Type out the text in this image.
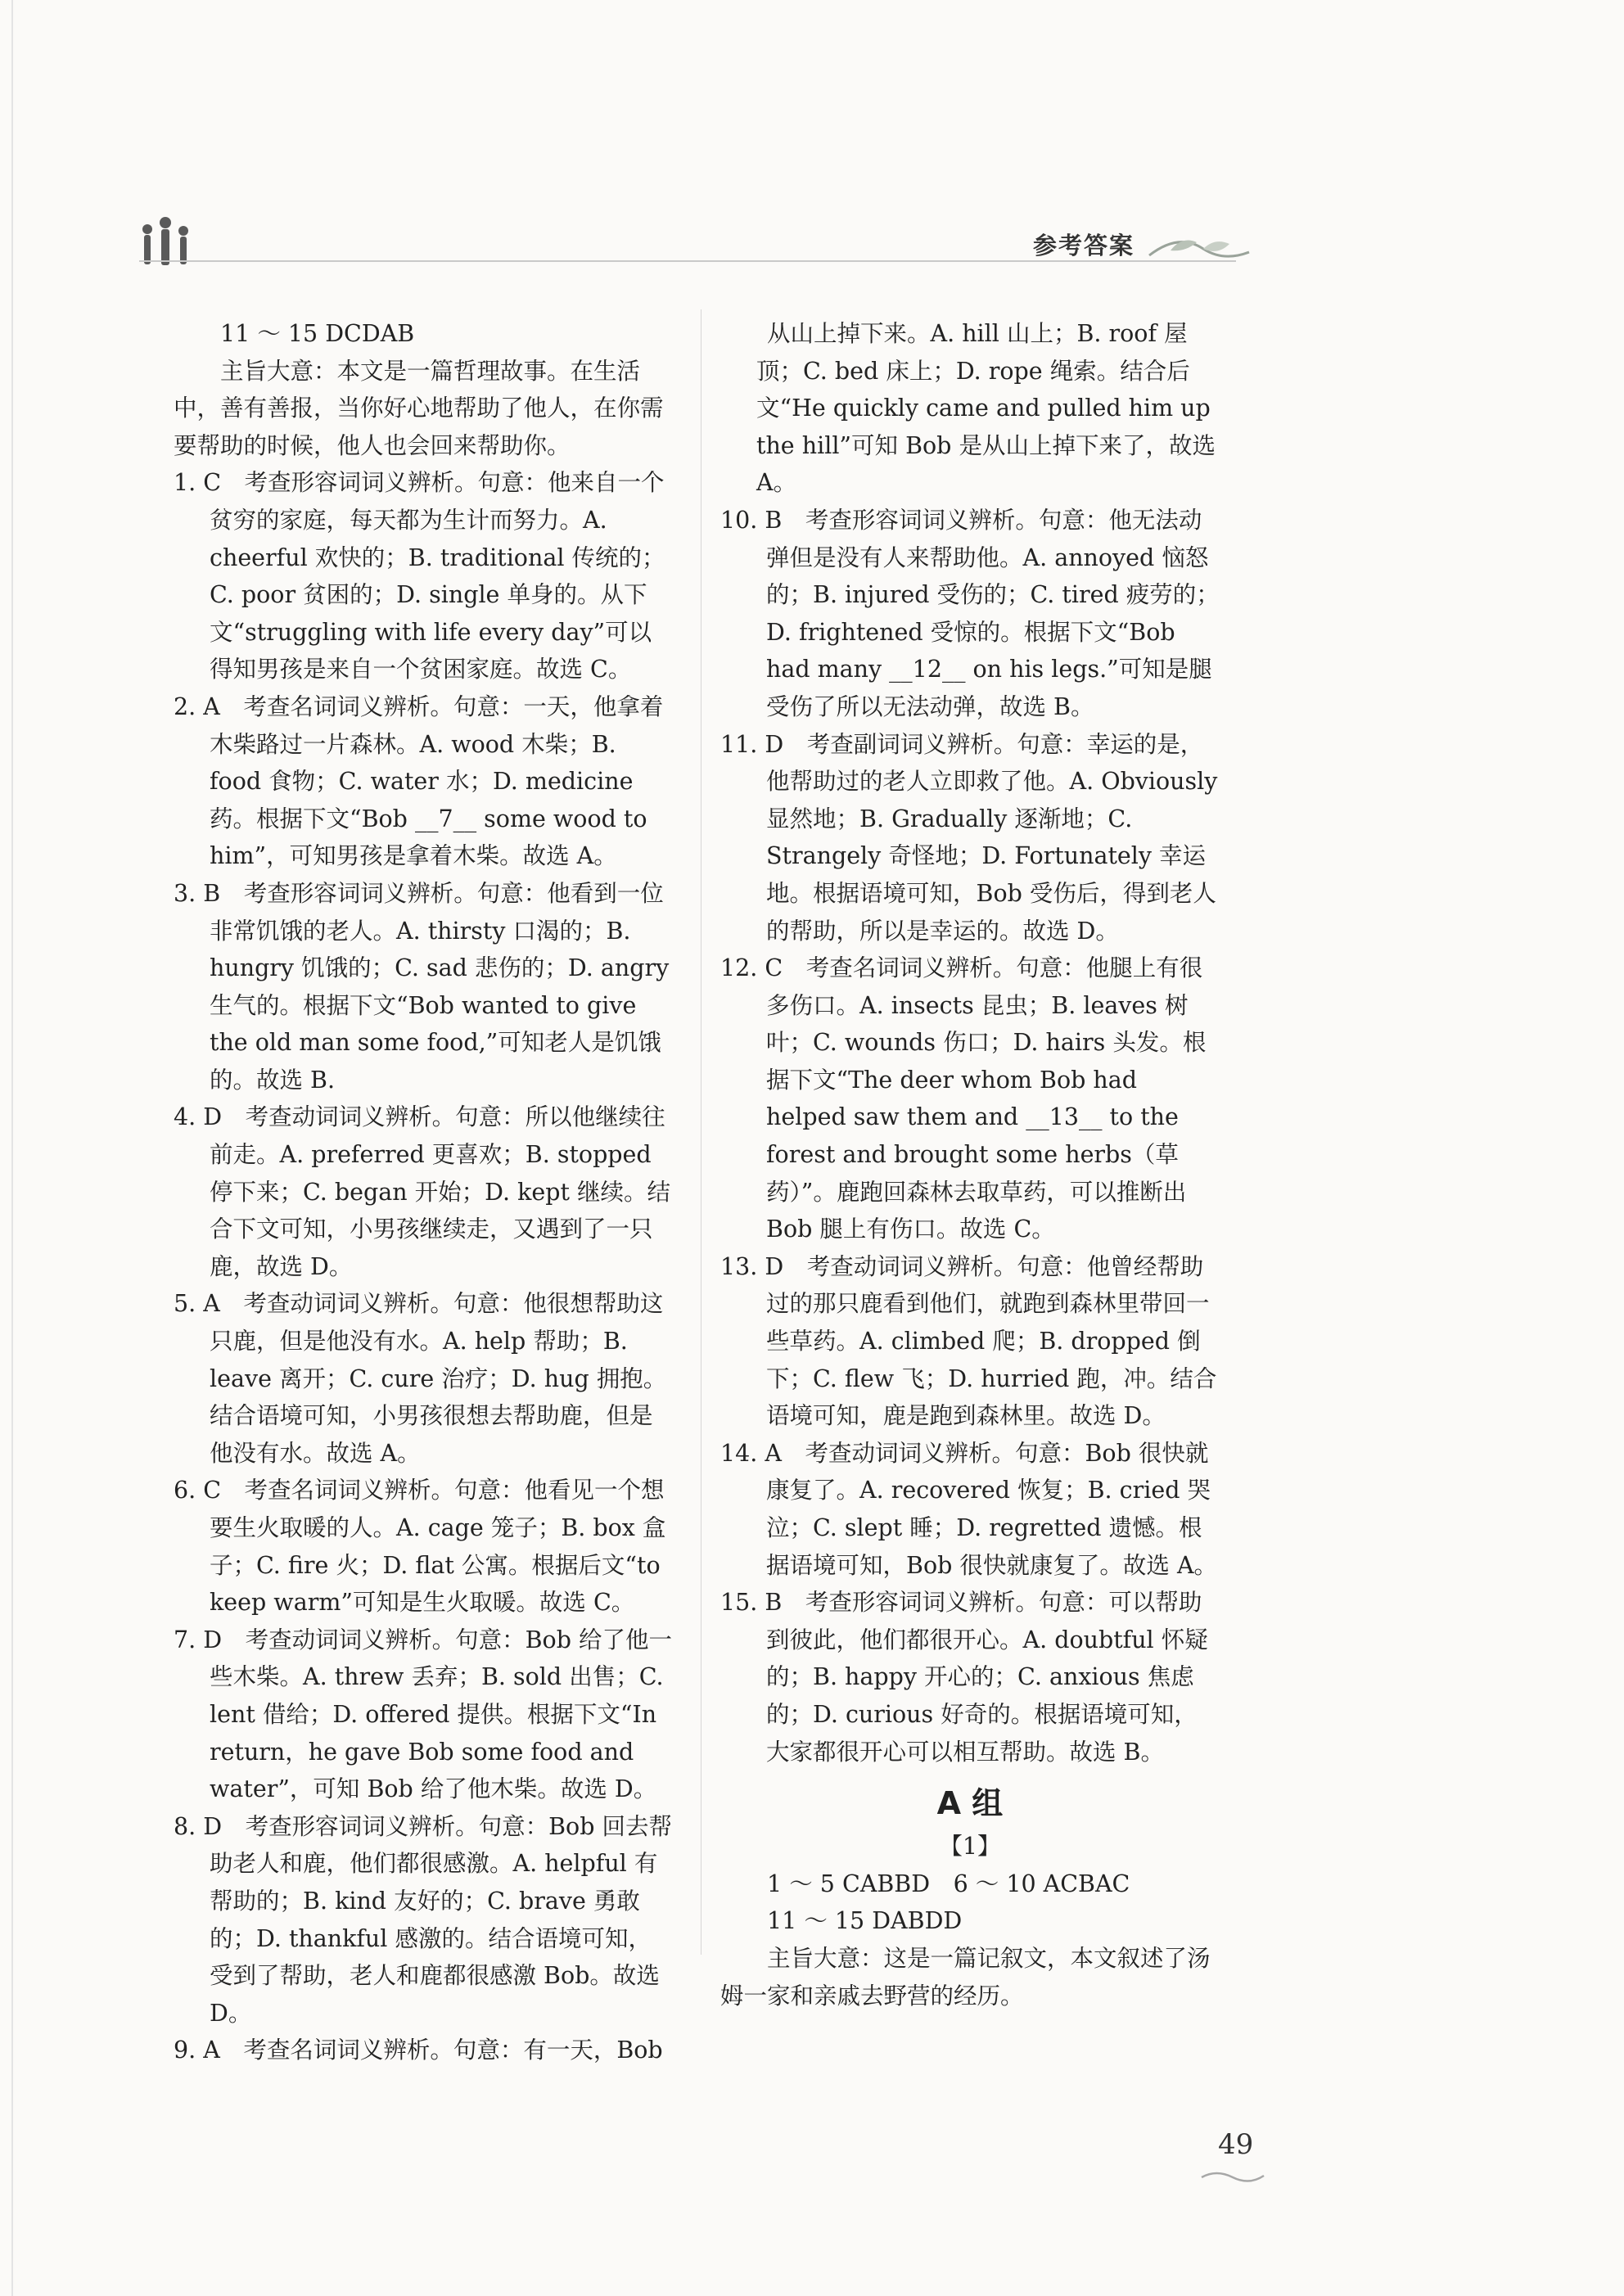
参考答案

11 ～ 15 DCDAB

主旨大意：本文是一篇哲理故事。在生活中，善有善报，当你好心地帮助了他人，在你需要帮助的时候，他人也会回来帮助你。

1. C　考查形容词词义辨析。句意：他来自一个贫穷的家庭，每天都为生计而努力。A. cheerful 欢快的；B. traditional 传统的；C. poor 贫困的；D. single 单身的。从下文“struggling with life every day”可以得知男孩是来自一个贫困家庭。故选 C。

2. A　考查名词词义辨析。句意：一天，他拿着木柴路过一片森林。A. wood 木柴；B. food 食物；C. water 水；D. medicine 药。根据下文“Bob __7__ some wood to him”，可知男孩是拿着木柴。故选 A。

3. B　考查形容词词义辨析。句意：他看到一位非常饥饿的老人。A. thirsty 口渴的；B. hungry 饥饿的；C. sad 悲伤的；D. angry 生气的。根据下文“Bob wanted to give the old man some food,”可知老人是饥饿的。故选 B.

4. D　考查动词词义辨析。句意：所以他继续往前走。A. preferred 更喜欢；B. stopped 停下来；C. began 开始；D. kept 继续。结合下文可知，小男孩继续走，又遇到了一只鹿，故选 D。

5. A　考查动词词义辨析。句意：他很想帮助这只鹿，但是他没有水。A. help 帮助；B. leave 离开；C. cure 治疗；D. hug 拥抱。结合语境可知，小男孩很想去帮助鹿，但是他没有水。故选 A。

6. C　考查名词词义辨析。句意：他看见一个想要生火取暖的人。A. cage 笼子；B. box 盒子；C. fire 火；D. flat 公寓。根据后文“to keep warm”可知是生火取暖。故选 C。

7. D　考查动词词义辨析。句意：Bob 给了他一些木柴。A. threw 丢弃；B. sold 出售；C. lent 借给；D. offered 提供。根据下文“In return，he gave Bob some food and water”，可知 Bob 给了他木柴。故选 D。

8. D　考查形容词词义辨析。句意：Bob 回去帮助老人和鹿，他们都很感激。A. helpful 有帮助的；B. kind 友好的；C. brave 勇敢的；D. thankful 感激的。结合语境可知，受到了帮助，老人和鹿都很感激 Bob。故选 D。

9. A　考查名词词义辨析。句意：有一天，Bob

　　从山上掉下来。A. hill 山上；B. roof 屋顶；C. bed 床上；D. rope 绳索。结合后文“He quickly came and pulled him up the hill”可知 Bob 是从山上掉下来了，故选 A。

10. B　考查形容词词义辨析。句意：他无法动弹但是没有人来帮助他。A. annoyed 恼怒的；B. injured 受伤的；C. tired 疲劳的；D. frightened 受惊的。根据下文“Bob had many __12__ on his legs.”可知是腿受伤了所以无法动弹，故选 B。

11. D　考查副词词义辨析。句意：幸运的是，他帮助过的老人立即救了他。A. Obviously 显然地；B. Gradually 逐渐地；C. Strangely 奇怪地；D. Fortunately 幸运地。根据语境可知，Bob 受伤后，得到老人的帮助，所以是幸运的。故选 D。

12. C　考查名词词义辨析。句意：他腿上有很多伤口。A. insects 昆虫；B. leaves 树叶；C. wounds 伤口；D. hairs 头发。根据下文“The deer whom Bob had helped saw them and __13__ to the forest and brought some herbs（草药）”。鹿跑回森林去取草药，可以推断出 Bob 腿上有伤口。故选 C。

13. D　考查动词词义辨析。句意：他曾经帮助过的那只鹿看到他们，就跑到森林里带回一些草药。A. climbed 爬；B. dropped 倒下；C. flew 飞；D. hurried 跑，冲。结合语境可知，鹿是跑到森林里。故选 D。

14. A　考查动词词义辨析。句意：Bob 很快就康复了。A. recovered 恢复；B. cried 哭泣；C. slept 睡；D. regretted 遗憾。根据语境可知，Bob 很快就康复了。故选 A。

15. B　考查形容词词义辨析。句意：可以帮助到彼此，他们都很开心。A. doubtful 怀疑的；B. happy 开心的；C. anxious 焦虑的；D. curious 好奇的。根据语境可知，大家都很开心可以相互帮助。故选 B。

A 组

【1】

1 ～ 5 CABBD　6 ～ 10 ACBAC

11 ～ 15 DABDD

主旨大意：这是一篇记叙文，本文叙述了汤姆一家和亲戚去野营的经历。

49
